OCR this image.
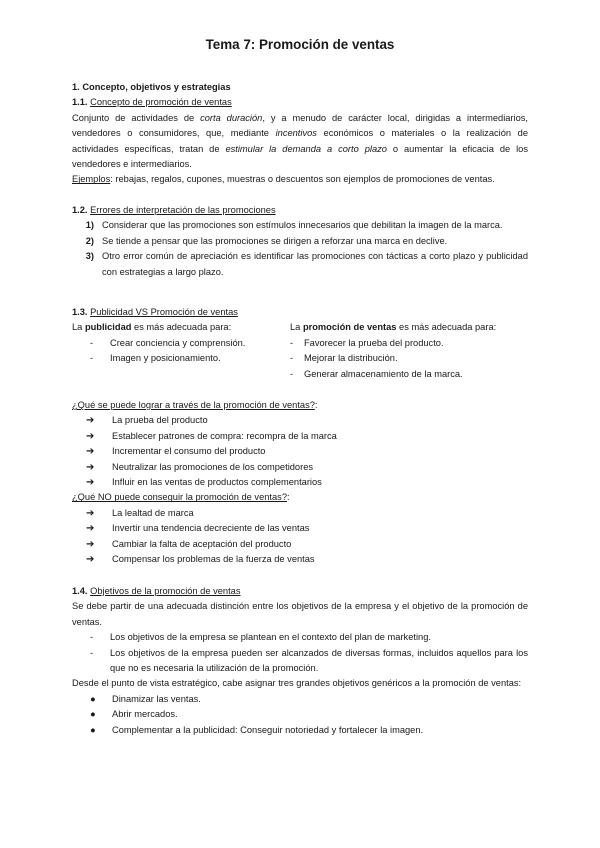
Tema 7: Promoción de ventas

1. Concepto, objetivos y estrategias

1.1. Concepto de promoción de ventas

Conjunto de actividades de corta duración, y a menudo de carácter local, dirigidas a intermediarios, vendedores o consumidores, que, mediante incentivos económicos o materiales o la realización de actividades específicas, tratan de estimular la demanda a corto plazo o aumentar la eficacia de los vendedores e intermediarios.

Ejemplos: rebajas, regalos, cupones, muestras o descuentos son ejemplos de promociones de ventas.

1.2. Errores de interpretación de las promociones

1) Considerar que las promociones son estímulos innecesarios que debilitan la imagen de la marca.
2) Se tiende a pensar que las promociones se dirigen a reforzar una marca en declive.
3) Otro error común de apreciación es identificar las promociones con tácticas a corto plazo y publicidad con estrategias a largo plazo.

1.3. Publicidad VS Promoción de ventas

La publicidad es más adecuada para:
-	Crear conciencia y comprensión.
-	Imagen y posicionamiento.
La promoción de ventas es más adecuada para:
-	Favorecer la prueba del producto.
-	Mejorar la distribución.
-	Generar almacenamiento de la marca.
¿Qué se puede lograr a través de la promoción de ventas?:
➔	La prueba del producto
➔	Establecer patrones de compra: recompra de la marca
➔	Incrementar el consumo del producto
➔	Neutralizar las promociones de los competidores
➔	Influir en las ventas de productos complementarios
¿Qué NO puede conseguir la promoción de ventas?:
➔	La lealtad de marca
➔	Invertir una tendencia decreciente de las ventas
➔	Cambiar la falta de aceptación del producto
➔	Compensar los problemas de la fuerza de ventas

1.4. Objetivos de la promoción de ventas

Se debe partir de una adecuada distinción entre los objetivos de la empresa y el objetivo de la promoción de ventas.

-	Los objetivos de la empresa se plantean en el contexto del plan de marketing.
-	Los objetivos de la empresa pueden ser alcanzados de diversas formas, incluidos aquellos para los que no es necesaria la utilización de la promoción.

Desde el punto de vista estratégico, cabe asignar tres grandes objetivos genéricos a la promoción de ventas:

●	Dinamizar las ventas.
●	Abrir mercados.
●	Complementar a la publicidad: Conseguir notoriedad y fortalecer la imagen.
